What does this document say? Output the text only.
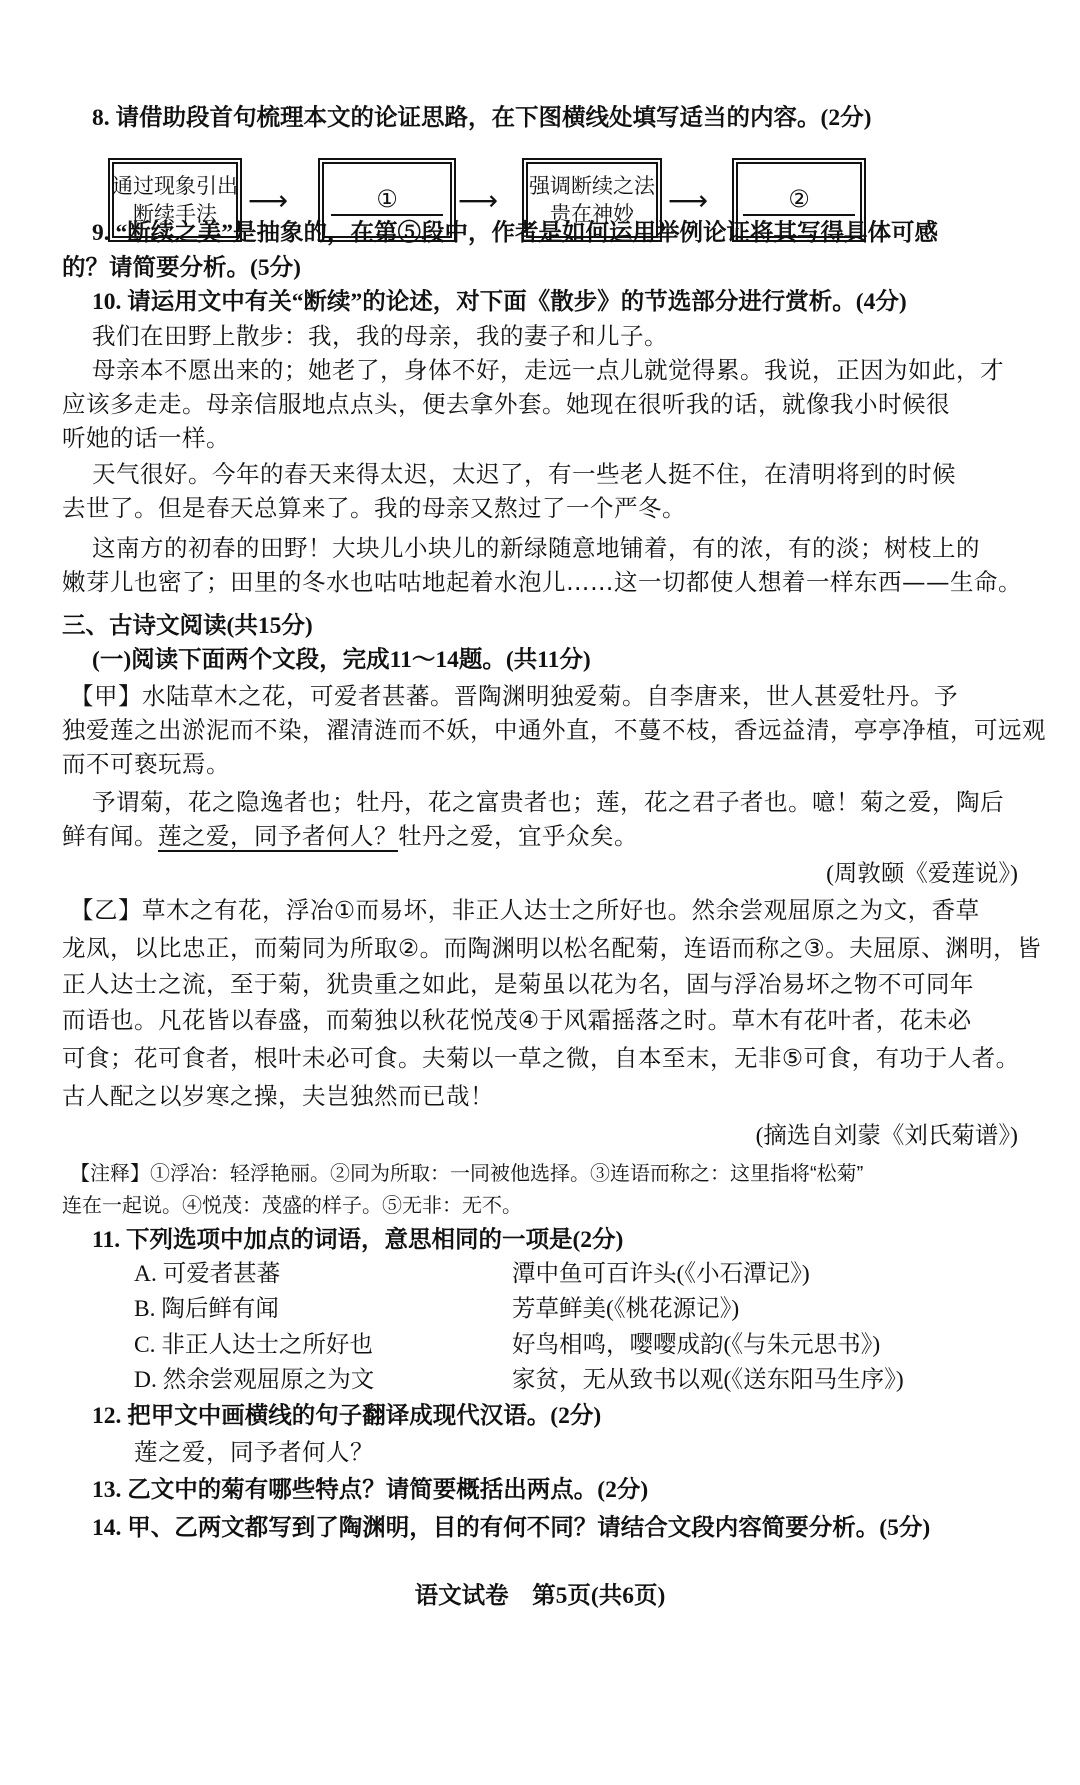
8. 请借助段首句梳理本文的论证思路，在下图横线处填写适当的内容。(2分)
通过现象引出
断续手法	⟶	①	⟶ 强调断续之法
贵在神妙	⟶	②
9. “断续之美”是抽象的，在第⑤段中，作者是如何运用举例论证将其写得具体可感
的？请简要分析。(5分)
10. 请运用文中有关“断续”的论述，对下面《散步》的节选部分进行赏析。(4分)
我们在田野上散步：我，我的母亲，我的妻子和儿子。
母亲本不愿出来的；她老了，身体不好，走远一点儿就觉得累。我说，正因为如此，才
应该多走走。母亲信服地点点头，便去拿外套。她现在很听我的话，就像我小时候很
听她的话一样。
天气很好。今年的春天来得太迟，太迟了，有一些老人挺不住，在清明将到的时候
去世了。但是春天总算来了。我的母亲又熬过了一个严冬。
这南方的初春的田野！大块儿小块儿的新绿随意地铺着，有的浓，有的淡；树枝上的
嫩芽儿也密了；田里的冬水也咕咕地起着水泡儿……这一切都使人想着一样东西——生命。
三、古诗文阅读(共15分)
(一)阅读下面两个文段，完成11～14题。(共11分)
【甲】水陆草木之花，可爱者甚蕃。晋陶渊明独爱菊。自李唐来，世人甚爱牡丹。予
独爱莲之出淤泥而不染，濯清涟而不妖，中通外直，不蔓不枝，香远益清，亭亭净植，可远观
而不可亵玩焉。
予谓菊，花之隐逸者也；牡丹，花之富贵者也；莲，花之君子者也。噫！菊之爱，陶后
鲜有闻。莲之爱，同予者何人？牡丹之爱，宜乎众矣。
(周敦颐《爱莲说》)
【乙】草木之有花，浮冶①而易坏，非正人达士之所好也。然余尝观屈原之为文，香草
龙凤，以比忠正，而菊同为所取②。而陶渊明以松名配菊，连语而称之③。夫屈原、渊明，皆
正人达士之流，至于菊，犹贵重之如此，是菊虽以花为名，固与浮冶易坏之物不可同年
而语也。凡花皆以春盛，而菊独以秋花悦茂④于风霜摇落之时。草木有花叶者，花未必
可食；花可食者，根叶未必可食。夫菊以一草之微，自本至末，无非⑤可食，有功于人者。
古人配之以岁寒之操，夫岂独然而已哉！
(摘选自刘蒙《刘氏菊谱》)
【注释】①浮冶：轻浮艳丽。②同为所取：一同被他选择。③连语而称之：这里指将“松菊”
连在一起说。④悦茂：茂盛的样子。⑤无非：无不。
11. 下列选项中加点的词语，意思相同的一项是(2分)
A. 可爱者甚蕃	潭中鱼可百许头(《小石潭记》)
B. 陶后鲜有闻	芳草鲜美(《桃花源记》)
C. 非正人达士之所好也	好鸟相鸣，嘤嘤成韵(《与朱元思书》)
D. 然余尝观屈原之为文	家贫，无从致书以观(《送东阳马生序》)
12. 把甲文中画横线的句子翻译成现代汉语。(2分)
莲之爱，同予者何人？
13. 乙文中的菊有哪些特点？请简要概括出两点。(2分)
14. 甲、乙两文都写到了陶渊明，目的有何不同？请结合文段内容简要分析。(5分)
语文试卷　第5页(共6页)
